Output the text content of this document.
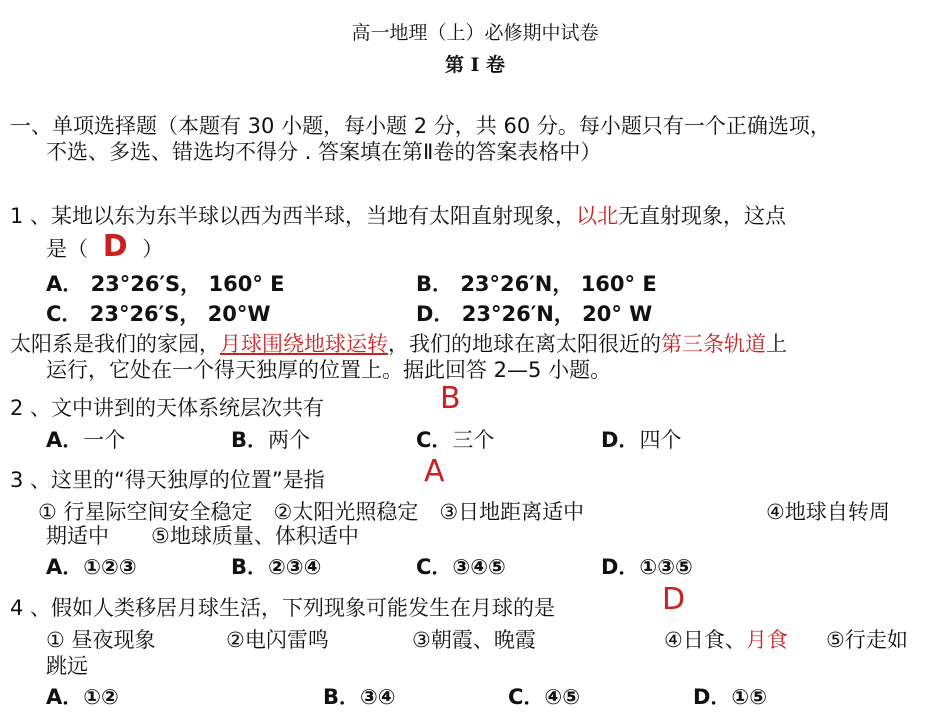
高一地理（上）必修期中试卷
第 I 卷
一、单项选择题（本题有 30 小题，每小题 2 分，共 60 分。每小题只有一个正确选项，
不选、多选、错选均不得分 . 答案填在第Ⅱ卷的答案表格中）
1 、某地以东为东半球以西为西半球，当地有太阳直射现象，以北无直射现象，这点
是（ D ）
A． 23°26′S， 160° E	B． 23°26′N， 160° E
C． 23°26′S， 20°W	D． 23°26′N， 20° W
太阳系是我们的家园，月球围绕地球运转，我们的地球在离太阳很近的第三条轨道上
运行，它处在一个得天独厚的位置上。据此回答 2—5 小题。
2 、文中讲到的天体系统层次共有	B
A．一个	B．两个	C．三个	D．四个
3 、这里的“得天独厚的位置”是指	A
① 行星际空间安全稳定　②太阳光照稳定　③日地距离适中	④地球自转周
期适中　　⑤地球质量、体积适中
A．①②③	B．②③④	C．③④⑤	D．①③⑤
4 、假如人类移居月球生活，下列现象可能发生在月球的是	D
① 昼夜现象	②电闪雷鸣	③朝霞、晚霞	④日食、月食 ⑤行走如
跳远
A．①②	B．③④	C．④⑤	D．①⑤
